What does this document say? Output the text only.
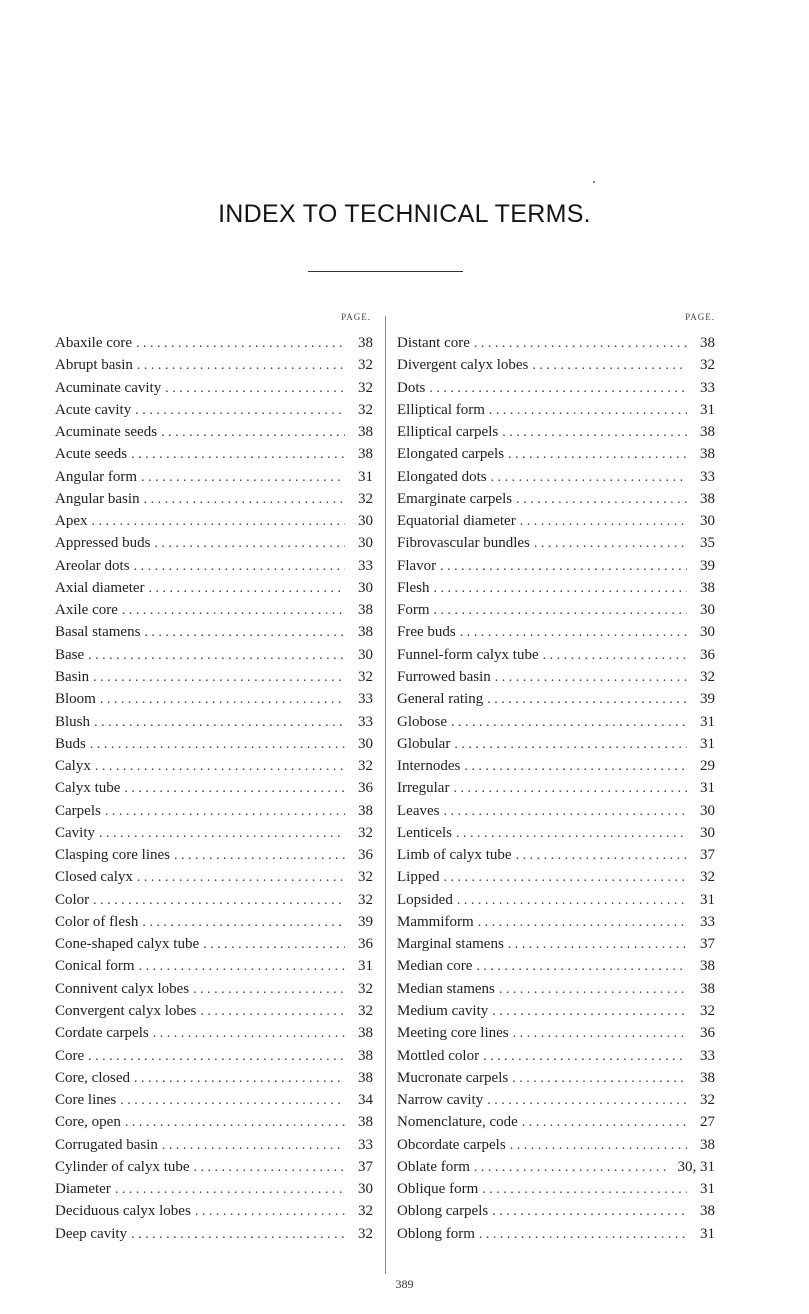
INDEX TO TECHNICAL TERMS.
PAGE.
Abaxile core . . .	38
Abrupt basin . . .	32
Acuminate cavity . . .	32
Acute cavity . . .	32
Acuminate seeds . . .	38
Acute seeds . . .	38
Angular form . . .	31
Angular basin . . .	32
Apex . . .	30
Appressed buds . . .	30
Areolar dots . . .	33
Axial diameter . . .	30
Axile core . . .	38
Basal stamens . . .	38
Base . . .	30
Basin . . .	32
Bloom . . .	33
Blush . . .	33
Buds . . .	30
Calyx . . .	32
Calyx tube . . .	36
Carpels . . .	38
Cavity . . .	32
Clasping core lines . . .	36
Closed calyx . . .	32
Color . . .	32
Color of flesh . . .	39
Cone-shaped calyx tube . . .	36
Conical form . . .	31
Connivent calyx lobes . . .	32
Convergent calyx lobes . . .	32
Cordate carpels . . .	38
Core . . .	38
Core, closed . . .	38
Core lines . . .	34
Core, open . . .	38
Corrugated basin . . .	33
Cylinder of calyx tube . . .	37
Diameter . . .	30
Deciduous calyx lobes . . .	32
Deep cavity . . .	32
PAGE.
Distant core . . .	38
Divergent calyx lobes . . .	32
Dots . . .	33
Elliptical form . . .	31
Elliptical carpels . . .	38
Elongated carpels . . .	38
Elongated dots . . .	33
Emarginate carpels . . .	38
Equatorial diameter . . .	30
Fibrovascular bundles . . .	35
Flavor . . .	39
Flesh . . .	38
Form . . .	30
Free buds . . .	30
Funnel-form calyx tube . . .	36
Furrowed basin . . .	32
General rating . . .	39
Globose . . .	31
Globular . . .	31
Internodes . . .	29
Irregular . . .	31
Leaves . . .	30
Lenticels . . .	30
Limb of calyx tube . . .	37
Lipped . . .	32
Lopsided . . .	31
Mammiform . . .	33
Marginal stamens . . .	37
Median core . . .	38
Median stamens . . .	38
Medium cavity . . .	32
Meeting core lines . . .	36
Mottled color . . .	33
Mucronate carpels . . .	38
Narrow cavity . . .	32
Nomenclature, code . . .	27
Obcordate carpels . . .	38
Oblate form . . .	30, 31
Oblique form . . .	31
Oblong carpels . . .	38
Oblong form . . .	31
389
